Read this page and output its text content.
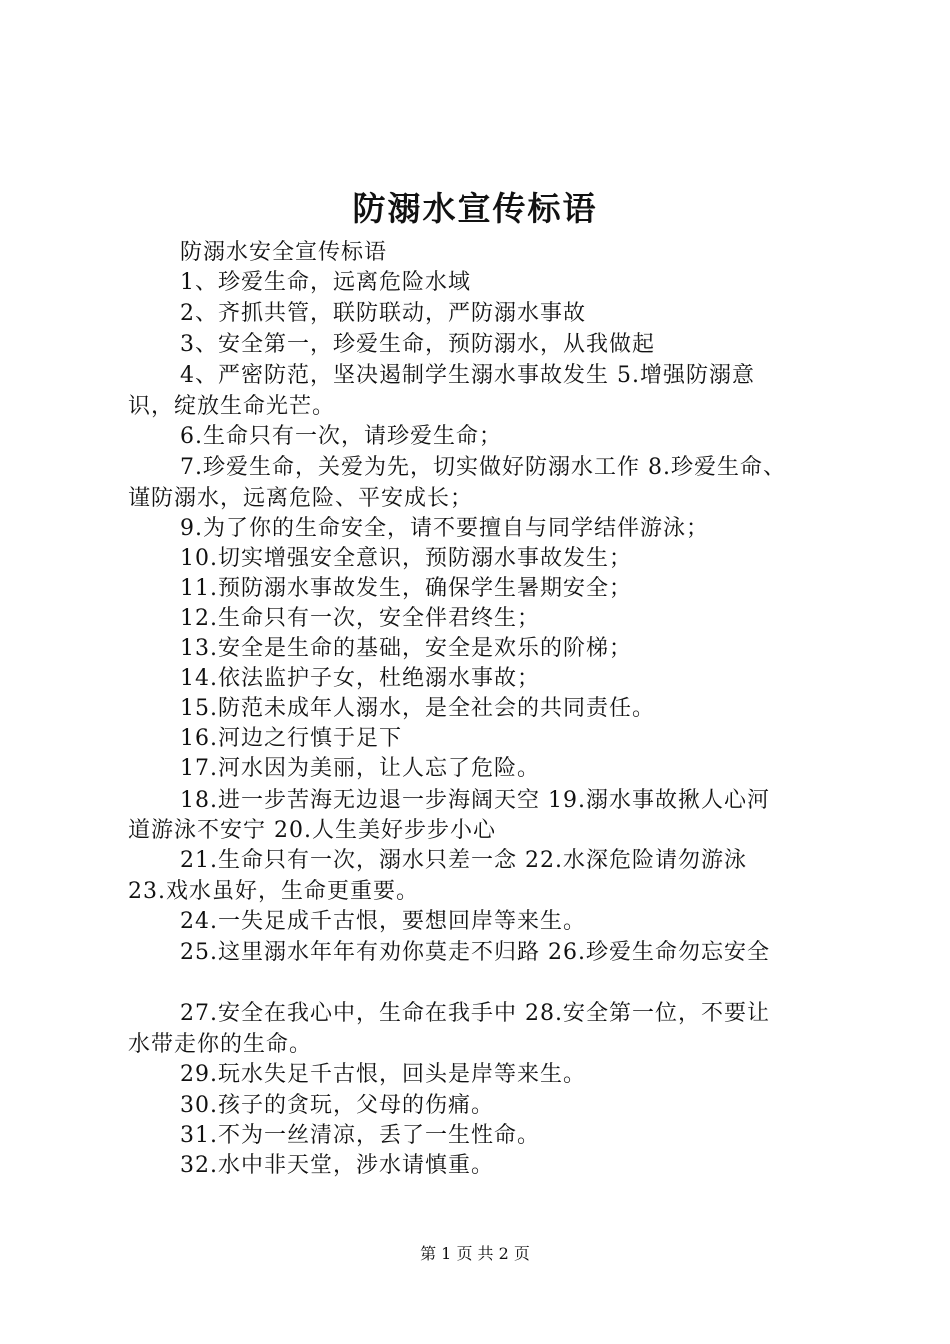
防溺水宣传标语
防溺水安全宣传标语
1、珍爱生命，远离危险水域
2、齐抓共管，联防联动，严防溺水事故
3、安全第一，珍爱生命，预防溺水，从我做起
4、严密防范，坚决遏制学生溺水事故发生 5.增强防溺意
识，绽放生命光芒。
6.生命只有一次，请珍爱生命；
7.珍爱生命，关爱为先，切实做好防溺水工作 8.珍爱生命、
谨防溺水，远离危险、平安成长；
9.为了你的生命安全，请不要擅自与同学结伴游泳；
10.切实增强安全意识，预防溺水事故发生；
11.预防溺水事故发生，确保学生暑期安全；
12.生命只有一次，安全伴君终生；
13.安全是生命的基础，安全是欢乐的阶梯；
14.依法监护子女，杜绝溺水事故；
15.防范未成年人溺水，是全社会的共同责任。
16.河边之行慎于足下
17.河水因为美丽，让人忘了危险。
18.进一步苦海无边退一步海阔天空 19.溺水事故揪人心河
道游泳不安宁 20.人生美好步步小心
21.生命只有一次，溺水只差一念 22.水深危险请勿游泳
23.戏水虽好，生命更重要。
24.一失足成千古恨，要想回岸等来生。
25.这里溺水年年有劝你莫走不归路 26.珍爱生命勿忘安全
27.安全在我心中，生命在我手中 28.安全第一位，不要让
水带走你的生命。
29.玩水失足千古恨，回头是岸等来生。
30.孩子的贪玩，父母的伤痛。
31.不为一丝清凉，丢了一生性命。
32.水中非天堂，涉水请慎重。
第 1 页 共 2 页
